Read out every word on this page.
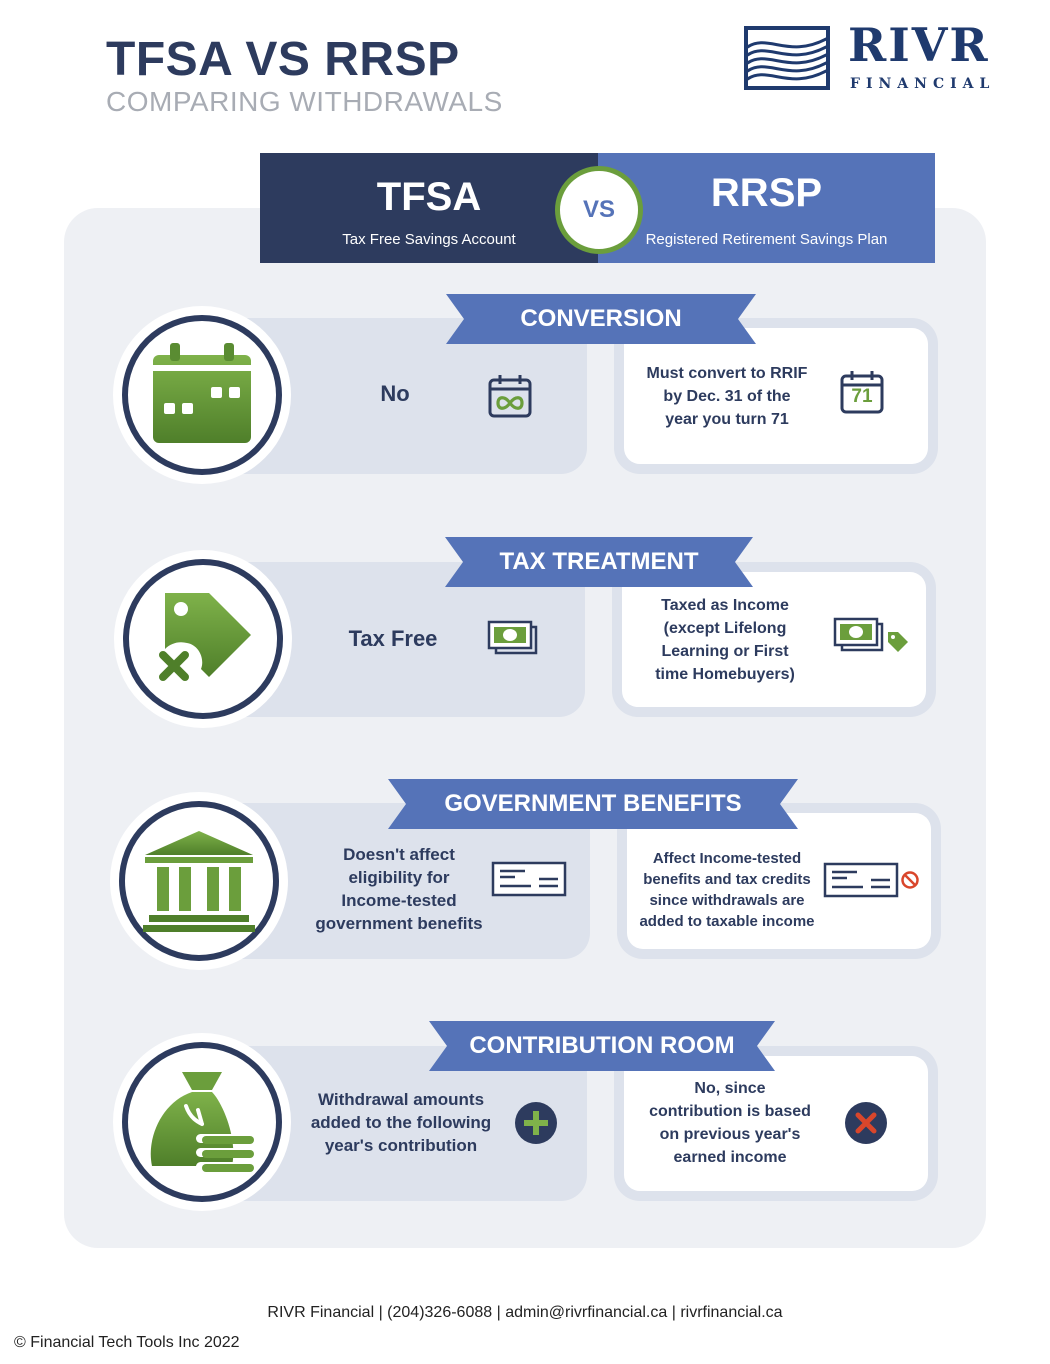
TFSA VS RRSP
COMPARING WITHDRAWALS
RIVR
FINANCIAL
TFSA
Tax Free Savings Account
RRSP
Registered Retirement Savings Plan
VS
CONVERSION
No
Must convert to RRIF
by Dec. 31 of the
year you turn 71
71
TAX TREATMENT
Tax Free
Taxed as Income
(except Lifelong
Learning or First
time Homebuyers)
GOVERNMENT BENEFITS
Doesn't affect
eligibility for
Income-tested
government benefits
Affect Income-tested
benefits and tax credits
since withdrawals are
added to taxable income
CONTRIBUTION ROOM
Withdrawal amounts
added to the following
year's contribution
No, since
contribution is based
on previous year's
earned income
RIVR Financial | (204)326-6088 | admin@rivrfinancial.ca | rivrfinancial.ca
© Financial Tech Tools Inc 2022
